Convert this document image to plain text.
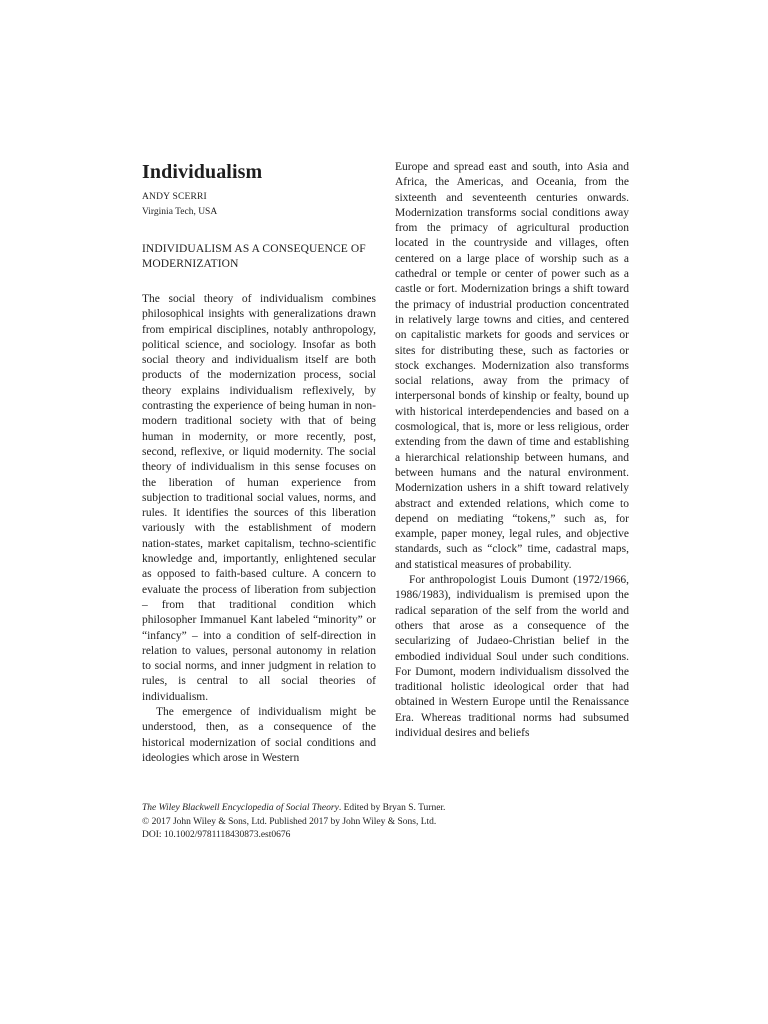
Individualism
ANDY SCERRI
Virginia Tech, USA
INDIVIDUALISM AS A CONSEQUENCE OF MODERNIZATION

The social theory of individualism combines philosophical insights with generalizations drawn from empirical disciplines, notably anthropology, political science, and sociology. Insofar as both social theory and individualism itself are both products of the modernization process, social theory explains individualism reflexively, by contrasting the experience of being human in non-modern traditional society with that of being human in modernity, or more recently, post, second, reflexive, or liquid modernity. The social theory of individualism in this sense focuses on the liberation of human experience from subjection to traditional social values, norms, and rules. It identifies the sources of this liberation variously with the establishment of modern nation-states, market capitalism, techno-scientific knowledge and, importantly, enlightened secular as opposed to faith-based culture. A concern to evaluate the process of liberation from subjection – from that traditional condition which philosopher Immanuel Kant labeled “minority” or “infancy” – into a condition of self-direction in relation to values, personal autonomy in relation to social norms, and inner judgment in relation to rules, is central to all social theories of individualism.

The emergence of individualism might be understood, then, as a consequence of the historical modernization of social conditions and ideologies which arose in Western

Europe and spread east and south, into Asia and Africa, the Americas, and Oceania, from the sixteenth and seventeenth centuries onwards. Modernization transforms social conditions away from the primacy of agricultural production located in the countryside and villages, often centered on a large place of worship such as a cathedral or temple or center of power such as a castle or fort. Modernization brings a shift toward the primacy of industrial production concentrated in relatively large towns and cities, and centered on capitalistic markets for goods and services or sites for distributing these, such as factories or stock exchanges. Modernization also transforms social relations, away from the primacy of interpersonal bonds of kinship or fealty, bound up with historical interdependencies and based on a cosmological, that is, more or less religious, order extending from the dawn of time and establishing a hierarchical relationship between humans, and between humans and the natural environment. Modernization ushers in a shift toward relatively abstract and extended relations, which come to depend on mediating “tokens,” such as, for example, paper money, legal rules, and objective standards, such as “clock” time, cadastral maps, and statistical measures of probability.

For anthropologist Louis Dumont (1972/1966, 1986/1983), individualism is premised upon the radical separation of the self from the world and others that arose as a consequence of the secularizing of Judaeo-Christian belief in the embodied individual Soul under such conditions. For Dumont, modern individualism dissolved the traditional holistic ideological order that had obtained in Western Europe until the Renaissance Era. Whereas traditional norms had subsumed individual desires and beliefs

The Wiley Blackwell Encyclopedia of Social Theory. Edited by Bryan S. Turner.
© 2017 John Wiley & Sons, Ltd. Published 2017 by John Wiley & Sons, Ltd.
DOI: 10.1002/9781118430873.est0676
